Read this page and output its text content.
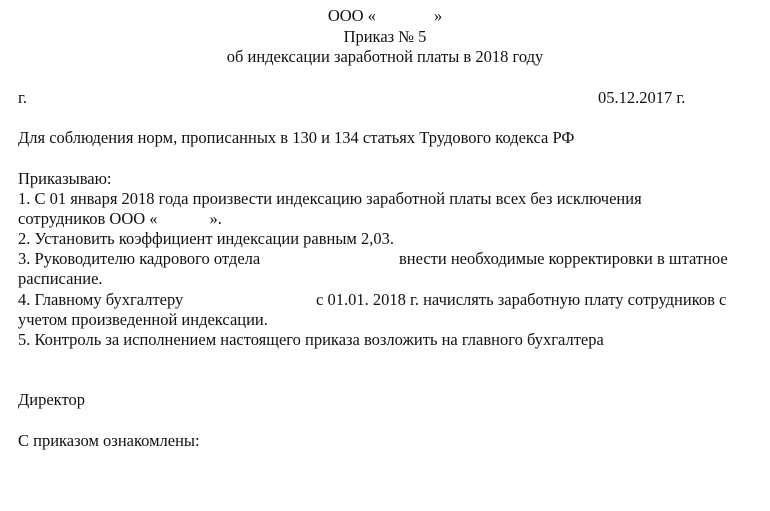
ООО «	»
Приказ № 5
об индексации заработной платы в 2018 году
г.	05.12.2017 г.
Для соблюдения норм, прописанных в 130 и 134 статьях Трудового кодекса РФ
Приказываю:
1. С 01 января 2018 года произвести индексацию заработной платы всех без исключения
сотрудников ООО «	».
2. Установить коэффициент индексации равным 2,03.
3. Руководителю кадрового отдела	внести необходимые корректировки в штатное
расписание.
4. Главному бухгалтеру	с 01.01. 2018 г. начислять заработную плату сотрудников с
учетом произведенной индексации.
5. Контроль за исполнением настоящего приказа возложить на главного бухгалтера
Директор
С приказом ознакомлены:
